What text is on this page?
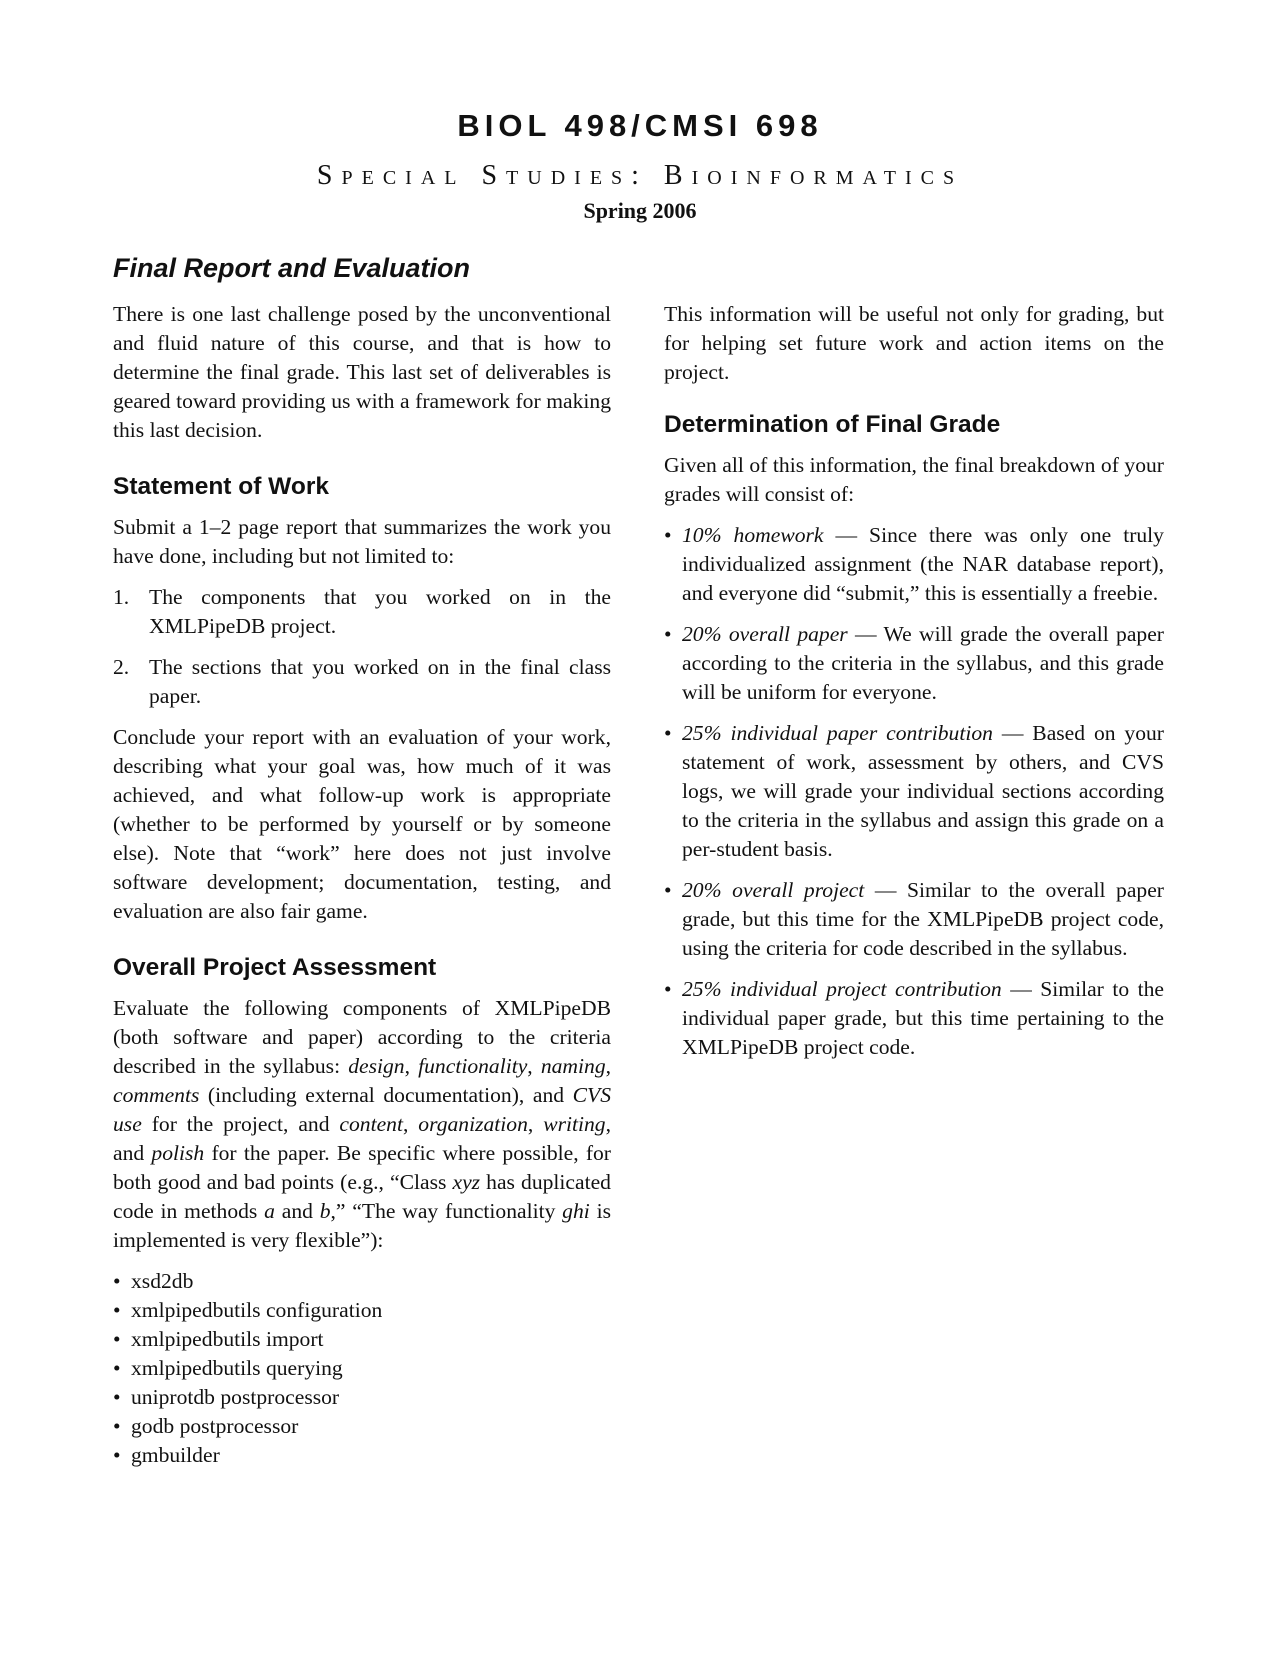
BIOL 498/CMSI 698
Special Studies: Bioinformatics
Spring 2006
Final Report and Evaluation

There is one last challenge posed by the unconventional and fluid nature of this course, and that is how to determine the final grade. This last set of deliverables is geared toward providing us with a framework for making this last decision.

Statement of Work

Submit a 1–2 page report that summarizes the work you have done, including but not limited to:

1. The components that you worked on in the XMLPipeDB project.
2. The sections that you worked on in the final class paper.

Conclude your report with an evaluation of your work, describing what your goal was, how much of it was achieved, and what follow-up work is appropriate (whether to be performed by yourself or by someone else). Note that “work” here does not just involve software development; documentation, testing, and evaluation are also fair game.

Overall Project Assessment

Evaluate the following components of XMLPipeDB (both software and paper) according to the criteria described in the syllabus: design, functionality, naming, comments (including external documentation), and CVS use for the project, and content, organization, writing, and polish for the paper. Be specific where possible, for both good and bad points (e.g., “Class xyz has duplicated code in methods a and b,” “The way functionality ghi is implemented is very flexible”):

• xsd2db
• xmlpipedbutils configuration
• xmlpipedbutils import
• xmlpipedbutils querying
• uniprotdb postprocessor
• godb postprocessor
• gmbuilder

This information will be useful not only for grading, but for helping set future work and action items on the project.

Determination of Final Grade

Given all of this information, the final breakdown of your grades will consist of:

• 10% homework — Since there was only one truly individualized assignment (the NAR database report), and everyone did “submit,” this is essentially a freebie.
• 20% overall paper — We will grade the overall paper according to the criteria in the syllabus, and this grade will be uniform for everyone.
• 25% individual paper contribution — Based on your statement of work, assessment by others, and CVS logs, we will grade your individual sections according to the criteria in the syllabus and assign this grade on a per-student basis.
• 20% overall project — Similar to the overall paper grade, but this time for the XMLPipeDB project code, using the criteria for code described in the syllabus.
• 25% individual project contribution — Similar to the individual paper grade, but this time pertaining to the XMLPipeDB project code.
